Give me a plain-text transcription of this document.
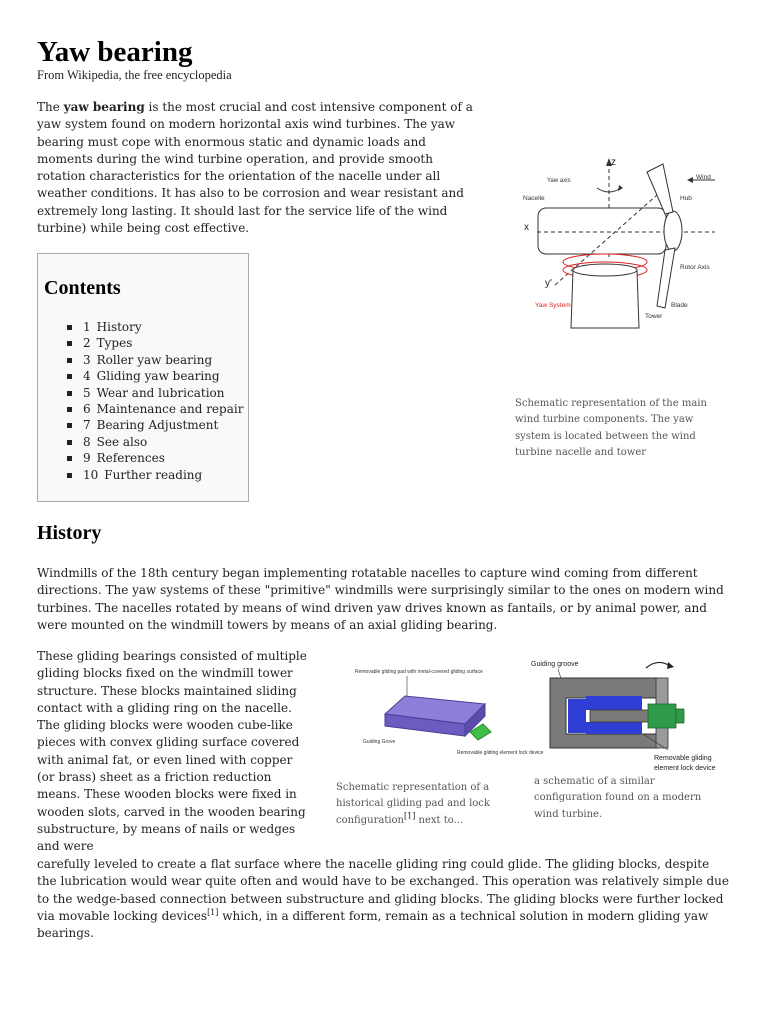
Yaw bearing
From Wikipedia, the free encyclopedia

The yaw bearing is the most crucial and cost intensive component of a yaw system found on modern horizontal axis wind turbines. The yaw bearing must cope with enormous static and dynamic loads and moments during the wind turbine operation, and provide smooth rotation characteristics for the orientation of the nacelle under all weather conditions. It has also to be corrosion and wear resistant and extremely long lasting. It should last for the service life of the wind turbine) while being cost effective.

Contents
1 History
2 Types
3 Roller yaw bearing
4 Gliding yaw bearing
5 Wear and lubrication
6 Maintenance and repair
7 Bearing Adjustment
8 See also
9 References
10 Further reading
z
Yaw axis
Nacelle
x
y'
Hub
Wind
Rotor Axis
Blade
Yaw System
Tower

Schematic representation of the main wind turbine components. The yaw system is located between the wind turbine nacelle and tower

History

Windmills of the 18th century began implementing rotatable nacelles to capture wind coming from different directions. The yaw systems of these "primitive" windmills were surprisingly similar to the ones on modern wind turbines. The nacelles rotated by means of wind driven yaw drives known as fantails, or by animal power, and were mounted on the windmill towers by means of an axial gliding bearing.

These gliding bearings consisted of multiple gliding blocks fixed on the windmill tower structure. These blocks maintained sliding contact with a gliding ring on the nacelle. The gliding blocks were wooden cube-like pieces with convex gliding surface covered with animal fat, or even lined with copper (or brass) sheet as a friction reduction means. These wooden blocks were fixed in wooden slots, carved in the wooden bearing substructure, by means of nails or wedges and were

carefully leveled to create a flat surface where the nacelle gliding ring could glide. The gliding blocks, despite the lubrication would wear quite often and would have to be exchanged. This operation was relatively simple due to the wedge-based connection between substructure and gliding blocks. The gliding blocks were further locked via movable locking devices[1] which, in a different form, remain as a technical solution in modern gliding yaw bearings.

Removable gliding pad with metal-covered gliding surface
Guiding Grove
Removable gliding element lock device

Schematic representation of a historical gliding pad and lock configuration[1] next to...

Guiding groove
Removable gliding
element lock device

a schematic of a similar configuration found on a modern wind turbine.
